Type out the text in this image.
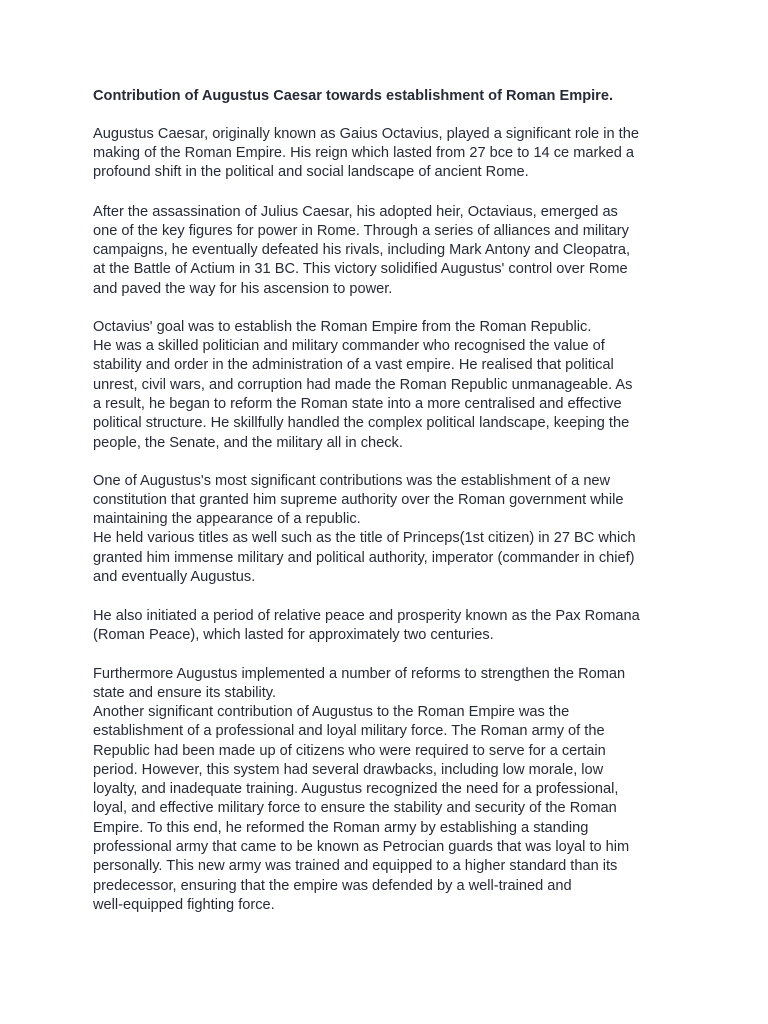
Contribution of Augustus Caesar towards establishment of Roman Empire.
Augustus Caesar, originally known as Gaius Octavius, played a significant role in the
making of the Roman Empire. His reign which lasted from 27 bce to 14 ce marked a
profound shift in the political and social landscape of ancient Rome.
After the assassination of Julius Caesar, his adopted heir, Octaviaus, emerged as
one of the key figures for power in Rome. Through a series of alliances and military
campaigns, he eventually defeated his rivals, including Mark Antony and Cleopatra,
at the Battle of Actium in 31 BC. This victory solidified Augustus' control over Rome
and paved the way for his ascension to power.
Octavius' goal was to establish the Roman Empire from the Roman Republic.
He was a skilled politician and military commander who recognised the value of
stability and order in the administration of a vast empire. He realised that political
unrest, civil wars, and corruption had made the Roman Republic unmanageable. As
a result, he began to reform the Roman state into a more centralised and effective
political structure. He skillfully handled the complex political landscape, keeping the
people, the Senate, and the military all in check.
One of Augustus's most significant contributions was the establishment of a new
constitution that granted him supreme authority over the Roman government while
maintaining the appearance of a republic.
He held various titles as well such as the title of Princeps(1st citizen) in 27 BC which
granted him immense military and political authority, imperator (commander in chief)
and eventually Augustus.
He also initiated a period of relative peace and prosperity known as the Pax Romana
(Roman Peace), which lasted for approximately two centuries.
Furthermore Augustus implemented a number of reforms to strengthen the Roman
state and ensure its stability.
Another significant contribution of Augustus to the Roman Empire was the
establishment of a professional and loyal military force. The Roman army of the
Republic had been made up of citizens who were required to serve for a certain
period. However, this system had several drawbacks, including low morale, low
loyalty, and inadequate training. Augustus recognized the need for a professional,
loyal, and effective military force to ensure the stability and security of the Roman
Empire. To this end, he reformed the Roman army by establishing a standing
professional army that came to be known as Petrocian guards that was loyal to him
personally. This new army was trained and equipped to a higher standard than its
predecessor, ensuring that the empire was defended by a well-trained and
well-equipped fighting force.
